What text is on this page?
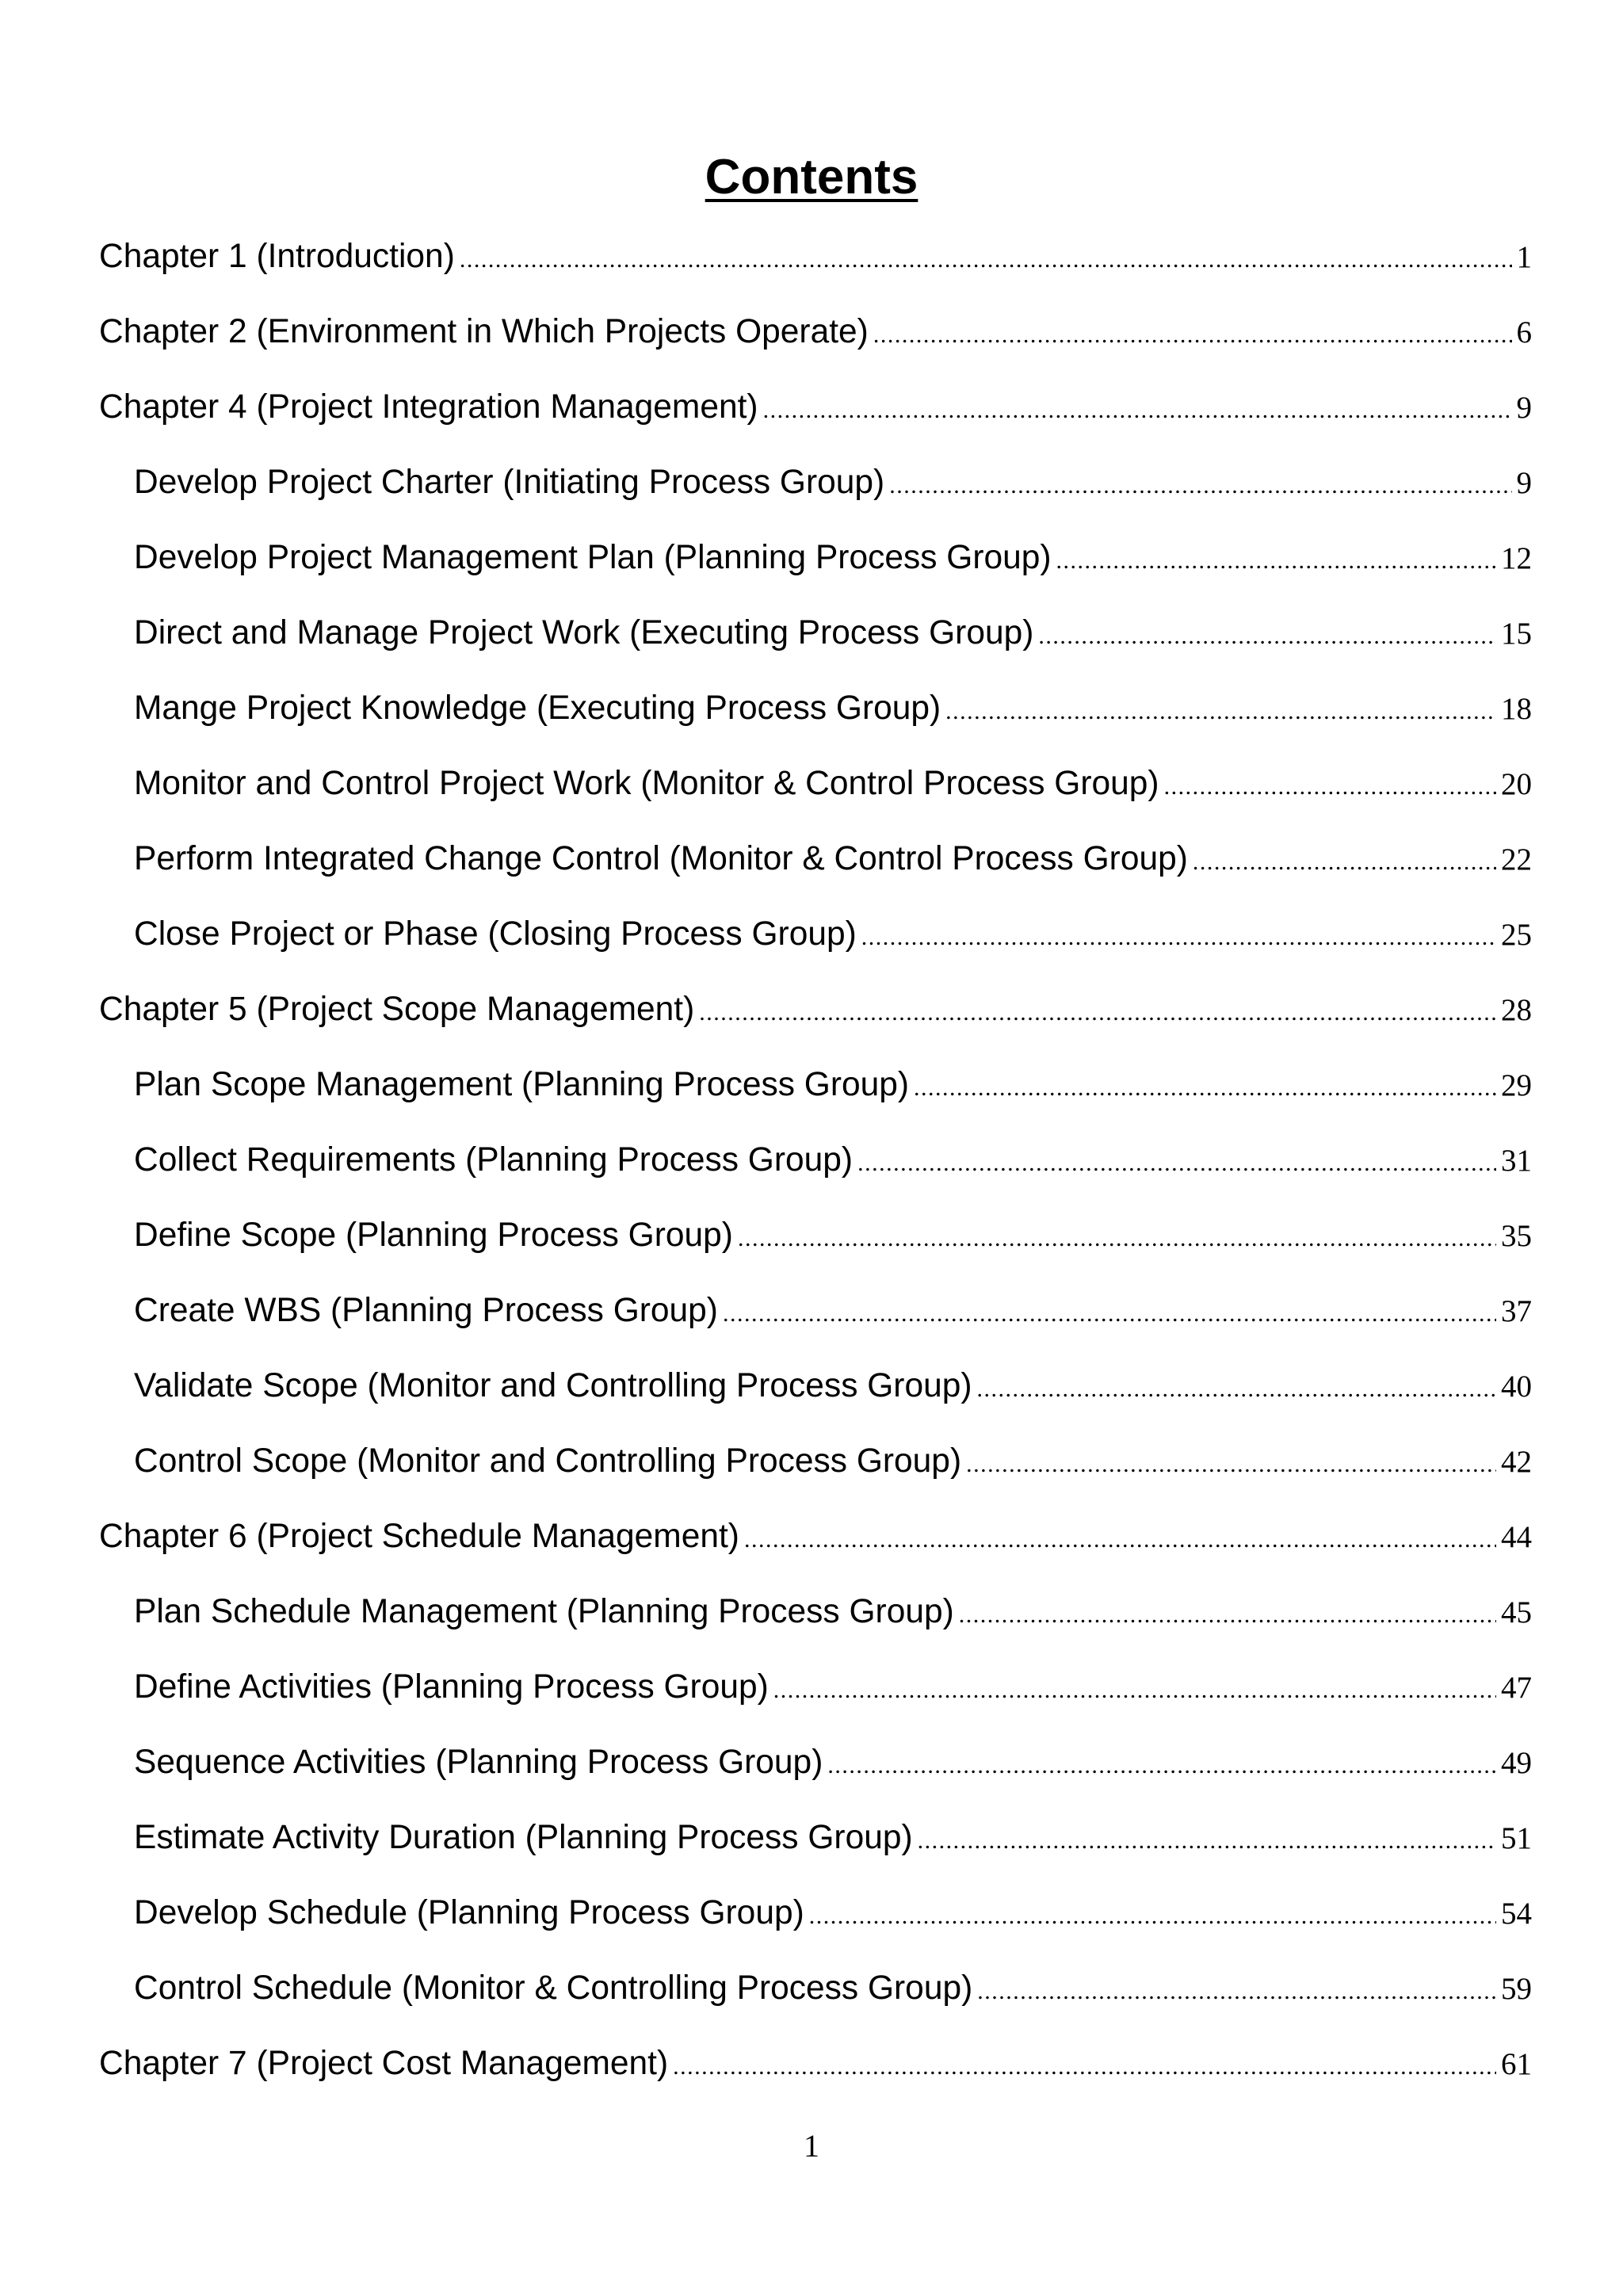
Contents
Chapter 1 (Introduction) .....	1
Chapter 2 (Environment in Which Projects Operate) .....	6
Chapter 4 (Project Integration Management) .....	9
Develop Project Charter (Initiating Process Group) .....	9
Develop Project Management Plan (Planning Process Group) .....	12
Direct and Manage Project Work (Executing Process Group) .....	15
Mange Project Knowledge (Executing Process Group) .....	18
Monitor and Control Project Work (Monitor & Control Process Group) .....	20
Perform Integrated Change Control (Monitor & Control Process Group) .....	22
Close Project or Phase (Closing Process Group) .....	25
Chapter 5 (Project Scope Management) .....	28
Plan Scope Management (Planning Process Group) .....	29
Collect Requirements (Planning Process Group) .....	31
Define Scope (Planning Process Group) .....	35
Create WBS (Planning Process Group) .....	37
Validate Scope (Monitor and Controlling Process Group) .....	40
Control Scope (Monitor and Controlling Process Group) .....	42
Chapter 6 (Project Schedule Management) .....	44
Plan Schedule Management (Planning Process Group) .....	45
Define Activities (Planning Process Group) .....	47
Sequence Activities (Planning Process Group) .....	49
Estimate Activity Duration (Planning Process Group) .....	51
Develop Schedule (Planning Process Group) .....	54
Control Schedule (Monitor & Controlling Process Group) .....	59
Chapter 7 (Project Cost Management) .....	61
1
